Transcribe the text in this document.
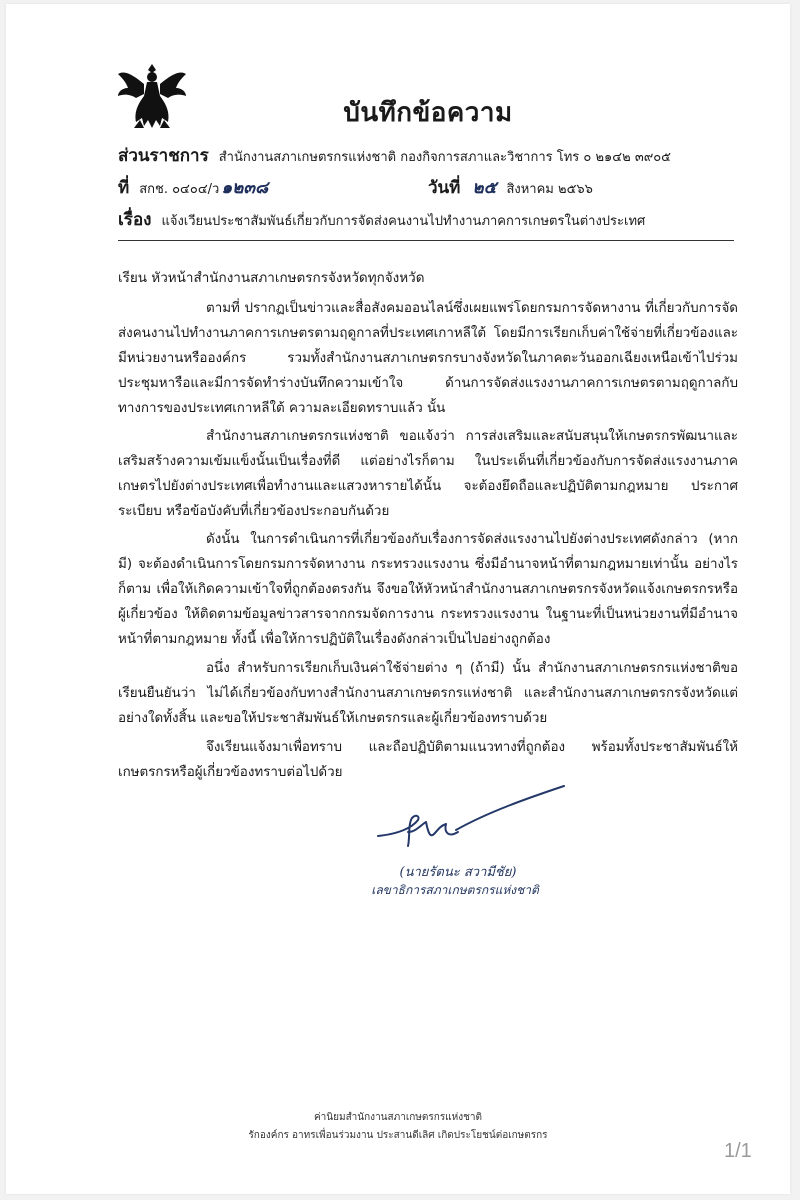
บันทึกข้อความ
ส่วนราชการ สำนักงานสภาเกษตรกรแห่งชาติ กองกิจการสภาและวิชาการ โทร ๐ ๒๑๔๒ ๓๙๐๕
ที่ สกช. ๐๔๐๔/ว ๑๒๓๘	วันที่ ๒๕ สิงหาคม ๒๕๖๖
เรื่อง แจ้งเวียนประชาสัมพันธ์เกี่ยวกับการจัดส่งคนงานไปทำงานภาคการเกษตรในต่างประเทศ
เรียน หัวหน้าสำนักงานสภาเกษตรกรจังหวัดทุกจังหวัด
ตามที่ ปรากฏเป็นข่าวและสื่อสังคมออนไลน์ซึ่งเผยแพร่โดยกรมการจัดหางาน ที่เกี่ยวกับการจัดส่งคนงานไปทำงานภาคการเกษตรตามฤดูกาลที่ประเทศเกาหลีใต้ โดยมีการเรียกเก็บค่าใช้จ่ายที่เกี่ยวข้องและมีหน่วยงานหรือองค์กร รวมทั้งสำนักงานสภาเกษตรกรบางจังหวัดในภาคตะวันออกเฉียงเหนือเข้าไปร่วมประชุมหารือและมีการจัดทำร่างบันทึกความเข้าใจ ด้านการจัดส่งแรงงานภาคการเกษตรตามฤดูกาลกับทางการของประเทศเกาหลีใต้ ความละเอียดทราบแล้ว นั้น
สำนักงานสภาเกษตรกรแห่งชาติ ขอแจ้งว่า การส่งเสริมและสนับสนุนให้เกษตรกรพัฒนาและเสริมสร้างความเข้มแข็งนั้นเป็นเรื่องที่ดี แต่อย่างไรก็ตาม ในประเด็นที่เกี่ยวข้องกับการจัดส่งแรงงานภาคเกษตรไปยังต่างประเทศเพื่อทำงานและแสวงหารายได้นั้น จะต้องยึดถือและปฏิบัติตามกฎหมาย ประกาศ ระเบียบ หรือข้อบังคับที่เกี่ยวข้องประกอบกันด้วย
ดังนั้น ในการดำเนินการที่เกี่ยวข้องกับเรื่องการจัดส่งแรงงานไปยังต่างประเทศดังกล่าว (หากมี) จะต้องดำเนินการโดยกรมการจัดหางาน กระทรวงแรงงาน ซึ่งมีอำนาจหน้าที่ตามกฎหมายเท่านั้น อย่างไรก็ตาม เพื่อให้เกิดความเข้าใจที่ถูกต้องตรงกัน จึงขอให้หัวหน้าสำนักงานสภาเกษตรกรจังหวัดแจ้งเกษตรกรหรือผู้เกี่ยวข้อง ให้ติดตามข้อมูลข่าวสารจากกรมจัดการงาน กระทรวงแรงงาน ในฐานะที่เป็นหน่วยงานที่มีอำนาจหน้าที่ตามกฎหมาย ทั้งนี้ เพื่อให้การปฏิบัติในเรื่องดังกล่าวเป็นไปอย่างถูกต้อง
อนึ่ง สำหรับการเรียกเก็บเงินค่าใช้จ่ายต่าง ๆ (ถ้ามี) นั้น สำนักงานสภาเกษตรกรแห่งชาติขอเรียนยืนยันว่า ไม่ได้เกี่ยวข้องกับทางสำนักงานสภาเกษตรกรแห่งชาติ และสำนักงานสภาเกษตรกรจังหวัดแต่อย่างใดทั้งสิ้น และขอให้ประชาสัมพันธ์ให้เกษตรกรและผู้เกี่ยวข้องทราบด้วย
จึงเรียนแจ้งมาเพื่อทราบ และถือปฏิบัติตามแนวทางที่ถูกต้อง พร้อมทั้งประชาสัมพันธ์ให้เกษตรกรหรือผู้เกี่ยวข้องทราบต่อไปด้วย
(นายรัตนะ สวามีชัย)
เลขาธิการสภาเกษตรกรแห่งชาติ
ค่านิยมสำนักงานสภาเกษตรกรแห่งชาติ
รักองค์กร อาทรเพื่อนร่วมงาน ประสานดีเลิศ เกิดประโยชน์ต่อเกษตรกร
1/1
